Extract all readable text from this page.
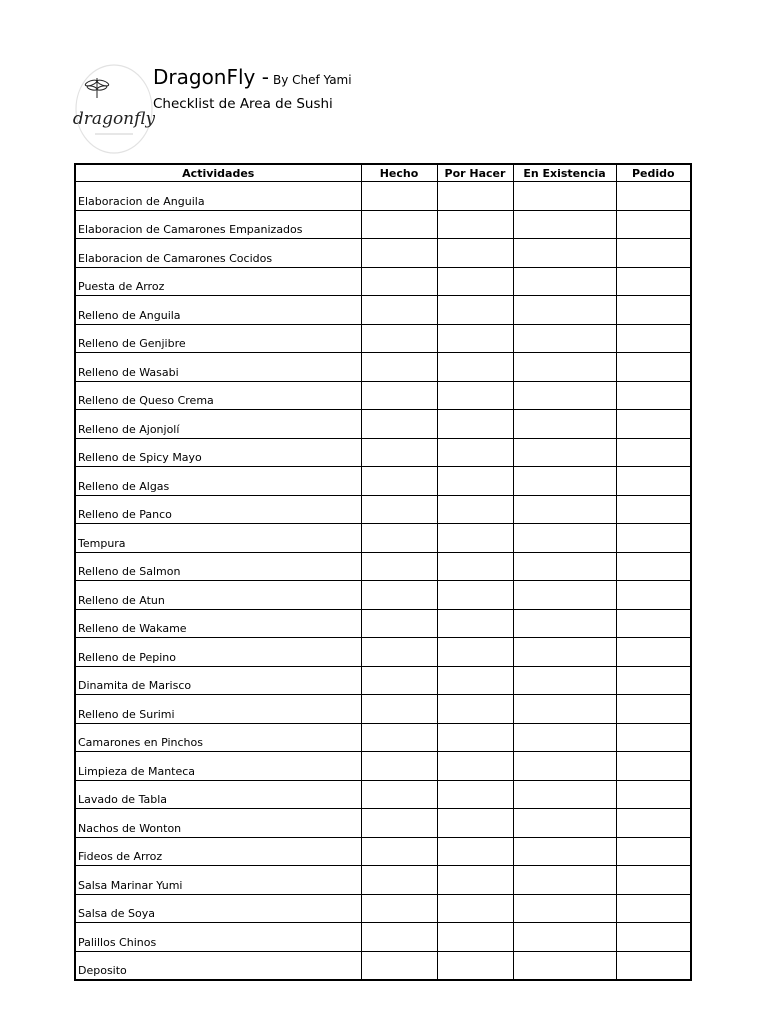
dragonfly
DragonFly - By Chef Yami
Checklist de Area de Sushi
Actividades	Hecho	Por Hacer	En Existencia	Pedido
Elaboracion de Anguila				
Elaboracion de Camarones Empanizados				
Elaboracion de Camarones Cocidos				
Puesta de Arroz				
Relleno de Anguila				
Relleno de Genjibre				
Relleno de Wasabi				
Relleno de Queso Crema				
Relleno de Ajonjolí				
Relleno de Spicy Mayo				
Relleno de Algas				
Relleno de Panco				
Tempura				
Relleno de Salmon				
Relleno de Atun				
Relleno de Wakame				
Relleno de Pepino				
Dinamita de Marisco				
Relleno de Surimi				
Camarones en Pinchos				
Limpieza de Manteca				
Lavado de Tabla				
Nachos de Wonton				
Fideos de Arroz				
Salsa Marinar Yumi				
Salsa de Soya				
Palillos Chinos				
Deposito				
